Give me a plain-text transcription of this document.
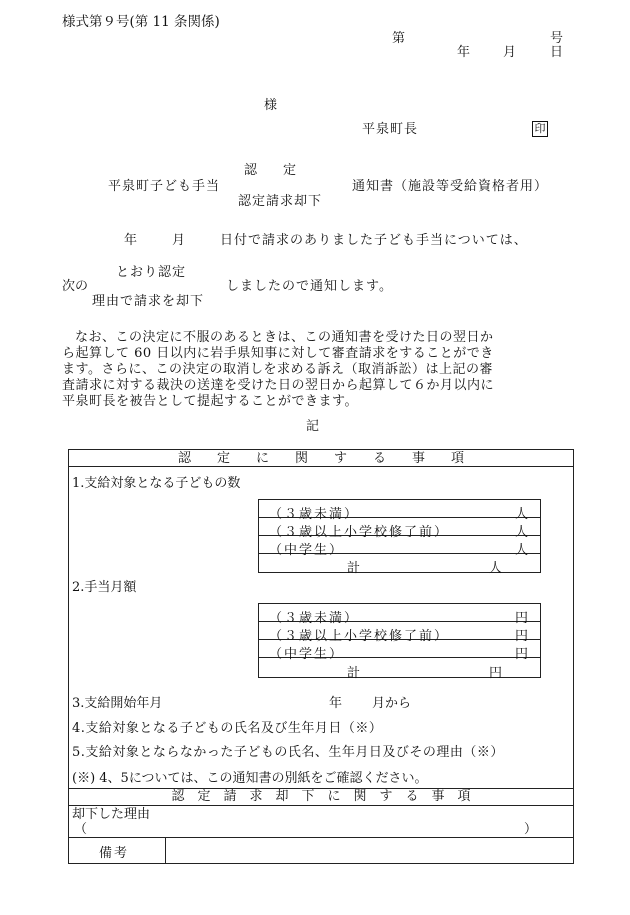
様式第９号(第 11 条関係)
第	号
年	月	日
様
平泉町長	印
平泉町子ども手当
認　　定
認定請求却下
通知書（施設等受給資格者用）
年	月	日付で請求のありました子ども手当については、
次の
とおり認定
理由で請求を却下
しましたので通知します。
なお、この決定に不服のあるときは、この通知書を受けた日の翌日か
ら起算して 60 日以内に岩手県知事に対して審査請求をすることができ
ます。さらに、この決定の取消しを求める訴え（取消訴訟）は上記の審
査請求に対する裁決の送達を受けた日の翌日から起算して６か月以内に
平泉町長を被告として提起することができます。
記
認　　定　　に　　関　　す　　る　　事　　項
1.支給対象となる子どもの数
2.手当月額
3.支給開始年月	年 月から
4.支給対象となる子どもの氏名及び生年月日（※）
5.支給対象とならなかった子どもの氏名、生年月日及びその理由（※）
(※) 4、5については、この通知書の別紙をご確認ください。
認　定　請　求　却　下　に　関　す　る　事　項
却下した理由
（	）
備考
（３歳未満）	人
（３歳以上小学校修了前）	人
（中学生）	人
計	人
（３歳未満）	円
（３歳以上小学校修了前）	円
（中学生）	円
計	円
